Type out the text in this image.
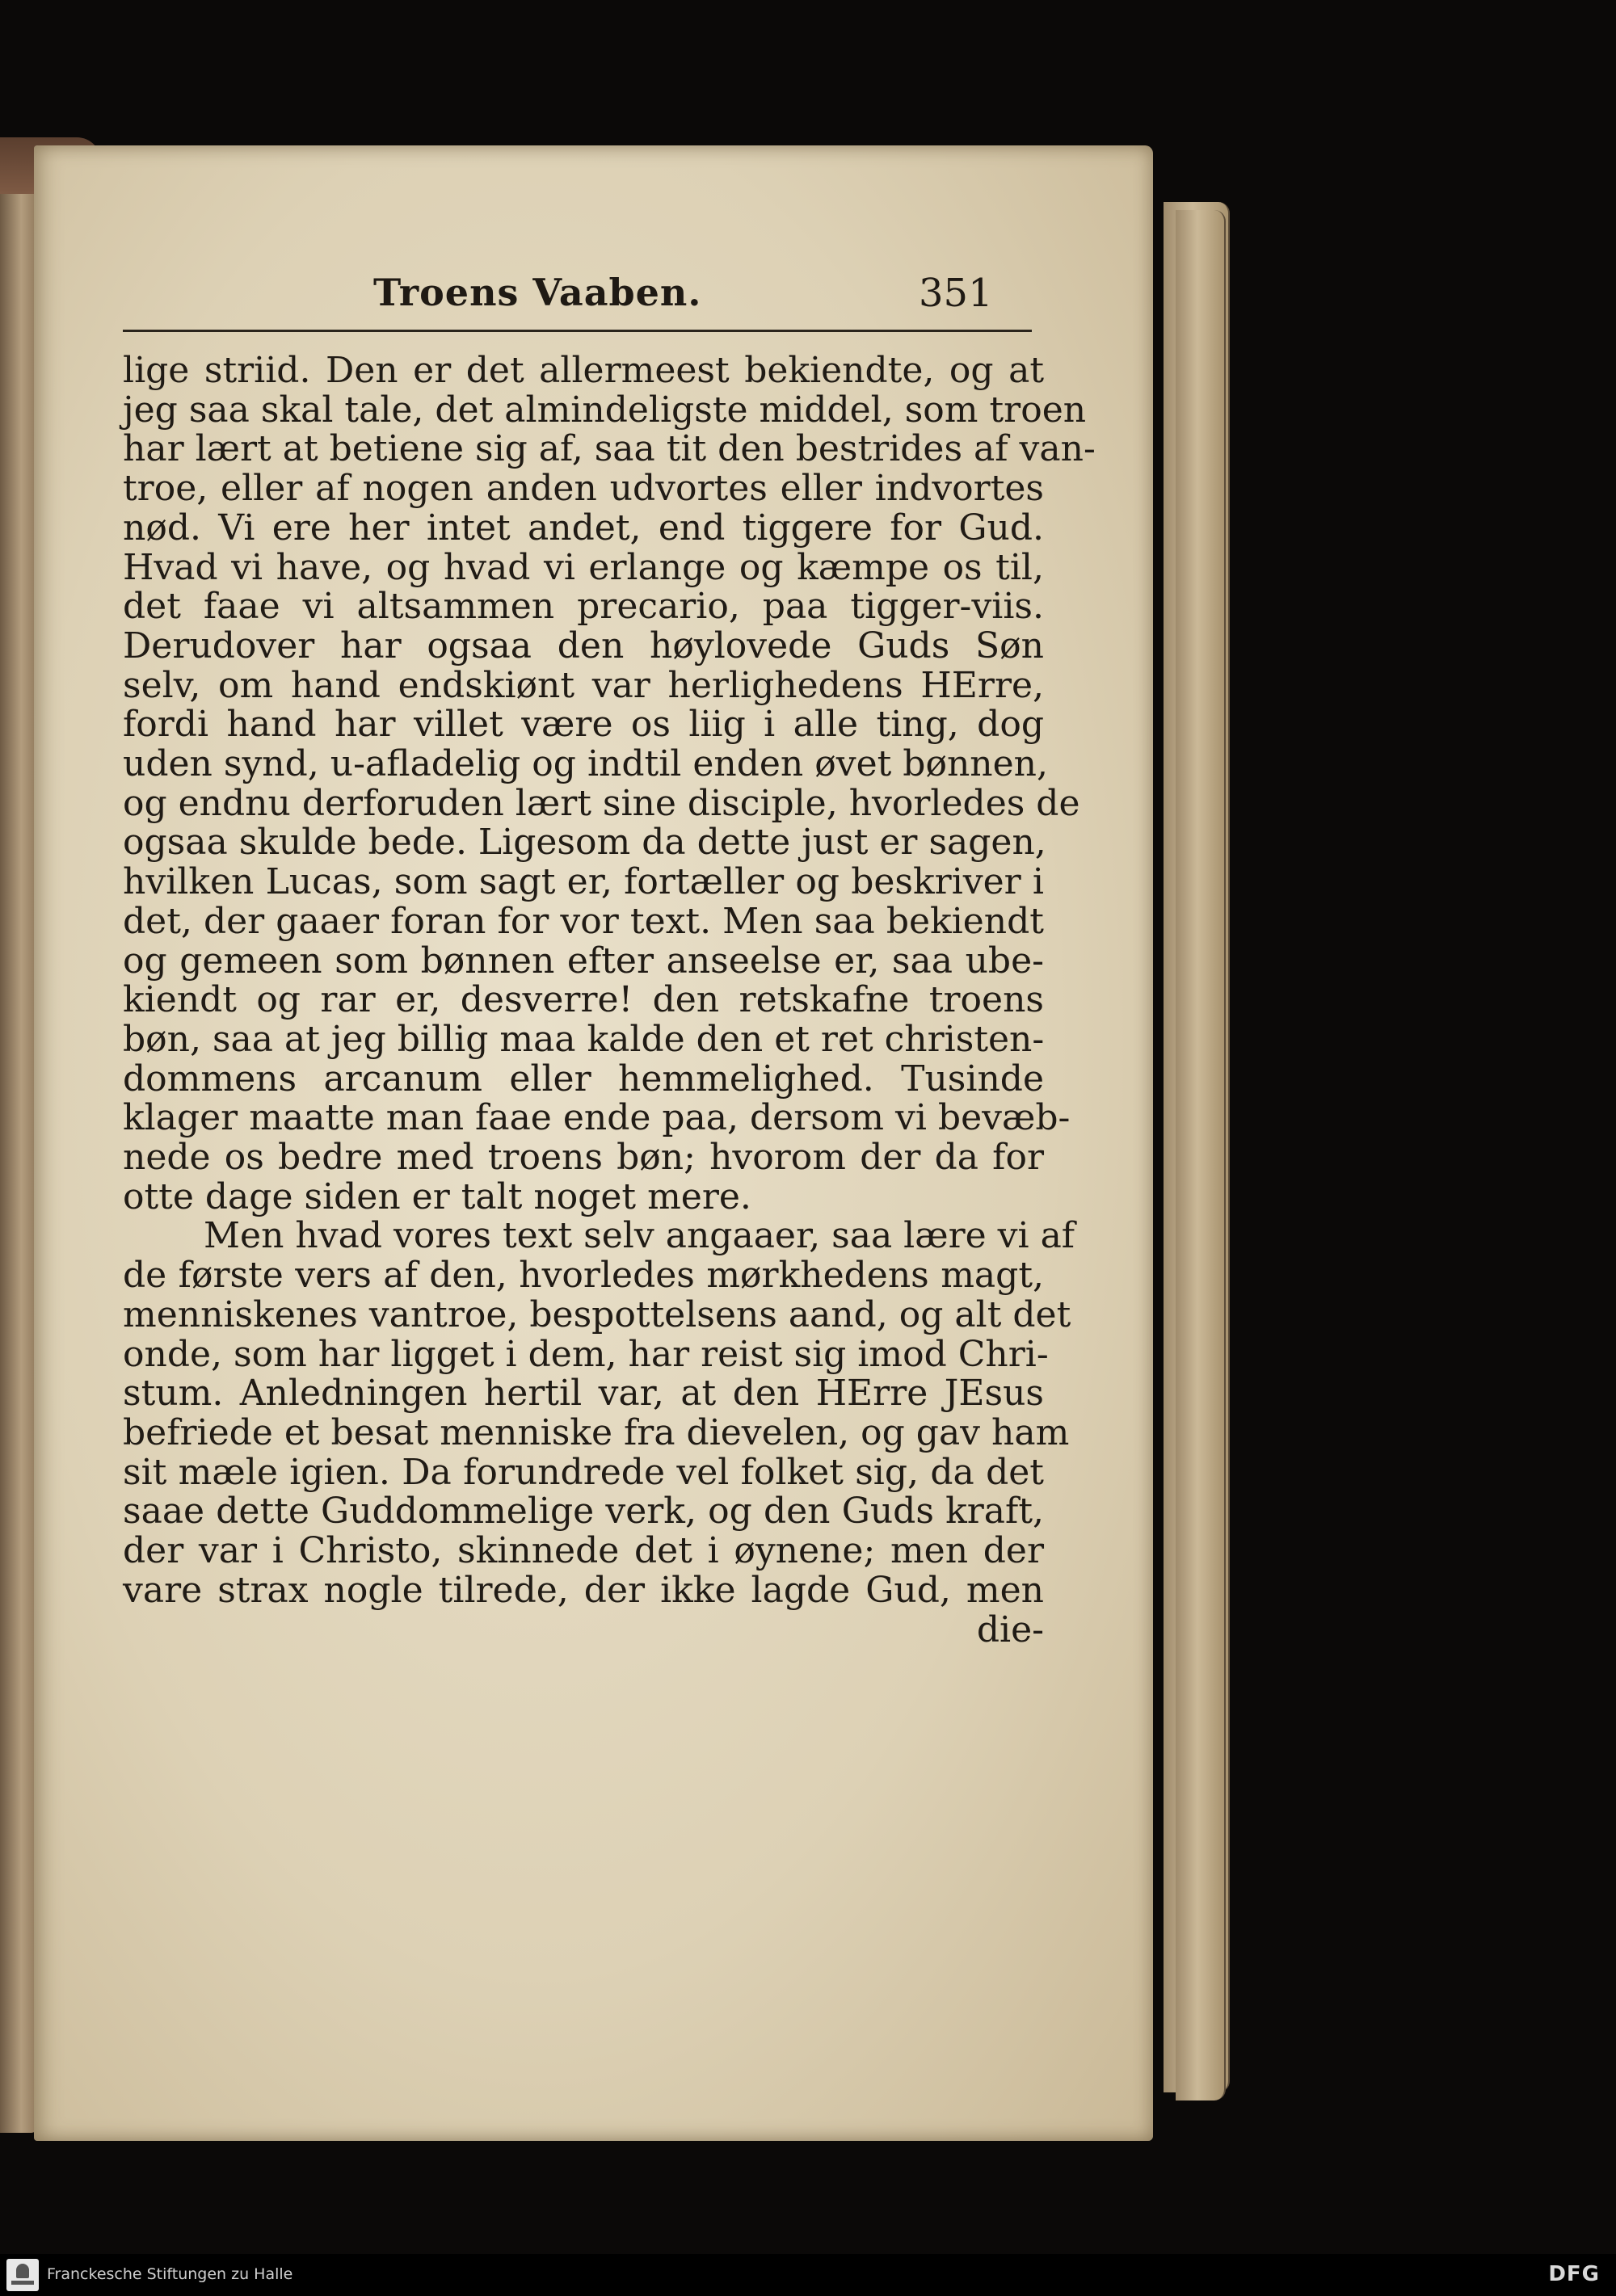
Troens Vaaben.	351
lige striid. Den er det allermeest bekiendte, og at
jeg saa skal tale, det almindeligste middel, som troen
har lært at betiene sig af, saa tit den bestrides af van-
troe, eller af nogen anden udvortes eller indvortes
nød. Vi ere her intet andet, end tiggere for Gud.
Hvad vi have, og hvad vi erlange og kæmpe os til,
det faae vi altsammen precario, paa tigger-viis.
Derudover har ogsaa den høylovede Guds Søn
selv, om hand endskiønt var herlighedens HErre,
fordi hand har villet være os liig i alle ting, dog
uden synd, u-afladelig og indtil enden øvet bønnen,
og endnu derforuden lært sine disciple, hvorledes de
ogsaa skulde bede. Ligesom da dette just er sagen,
hvilken Lucas, som sagt er, fortæller og beskriver i
det, der gaaer foran for vor text. Men saa bekiendt
og gemeen som bønnen efter anseelse er, saa ube-
kiendt og rar er, desverre! den retskafne troens
bøn, saa at jeg billig maa kalde den et ret christen-
dommens arcanum eller hemmelighed. Tusinde
klager maatte man faae ende paa, dersom vi bevæb-
nede os bedre med troens bøn; hvorom der da for
otte dage siden er talt noget mere.
Men hvad vores text selv angaaer, saa lære vi af
de første vers af den, hvorledes mørkhedens magt,
menniskenes vantroe, bespottelsens aand, og alt det
onde, som har ligget i dem, har reist sig imod Chri-
stum. Anledningen hertil var, at den HErre JEsus
befriede et besat menniske fra dievelen, og gav ham
sit mæle igien. Da forundrede vel folket sig, da det
saae dette Guddommelige verk, og den Guds kraft,
der var i Christo, skinnede det i øynene; men der
vare strax nogle tilrede, der ikke lagde Gud, men
die-
Franckesche Stiftungen zu Halle	DFG
